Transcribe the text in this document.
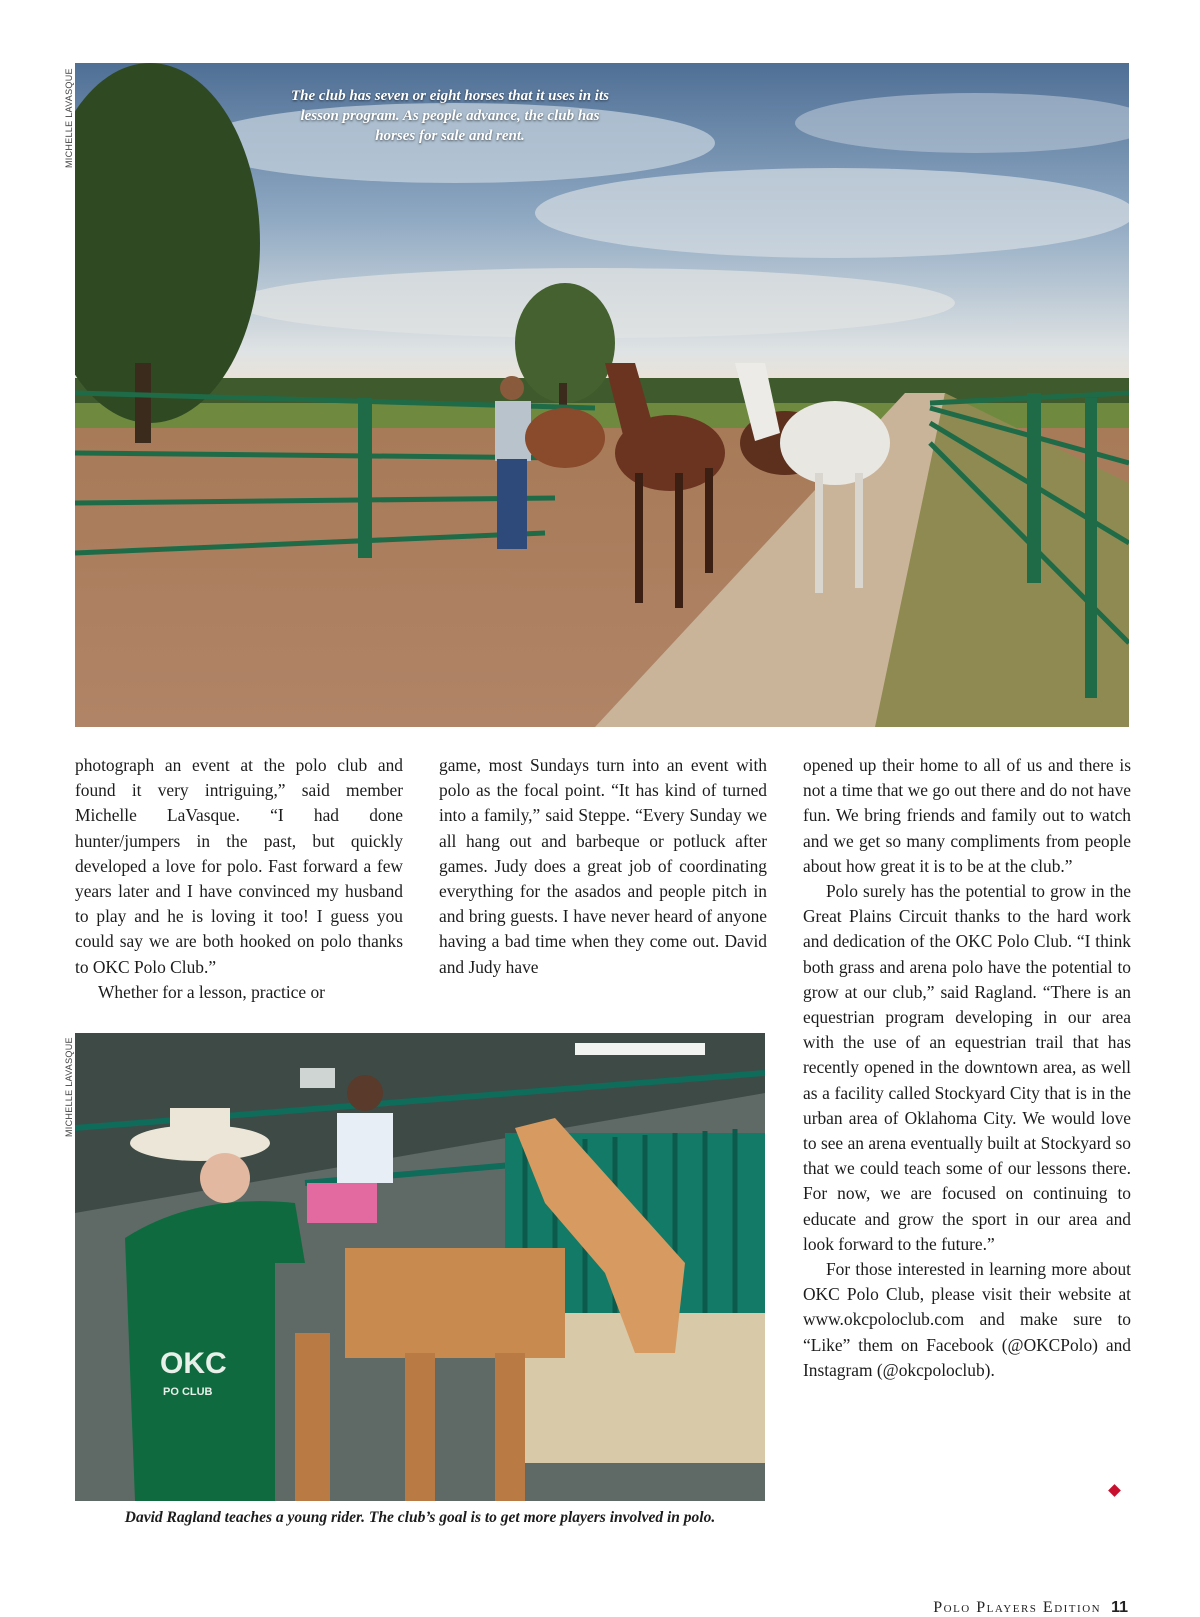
MICHELLE LAVASQUE	The club has seven or eight horses that it uses in its lesson program. As people advance, the club has horses for sale and rent.

photograph an event at the polo club and found it very intriguing,” said member Michelle LaVasque. “I had done hunter/jumpers in the past, but quickly developed a love for polo. Fast forward a few years later and I have convinced my husband to play and he is loving it too! I guess you could say we are both hooked on polo thanks to OKC Polo Club.”

Whether for a lesson, practice or

game, most Sundays turn into an event with polo as the focal point. “It has kind of turned into a family,” said Steppe. “Every Sunday we all hang out and barbeque or potluck after games. Judy does a great job of coordinating everything for the asados and people pitch in and bring guests. I have never heard of anyone having a bad time when they come out. David and Judy have

opened up their home to all of us and there is not a time that we go out there and do not have fun. We bring friends and family out to watch and we get so many compliments from people about how great it is to be at the club.”

Polo surely has the potential to grow in the Great Plains Circuit thanks to the hard work and dedication of the OKC Polo Club. “I think both grass and arena polo have the potential to grow at our club,” said Ragland. “There is an equestrian program developing in our area with the use of an equestrian trail that has recently opened in the downtown area, as well as a facility called Stockyard City that is in the urban area of Oklahoma City. We would love to see an arena eventually built at Stockyard so that we could teach some of our lessons there. For now, we are focused on continuing to educate and grow the sport in our area and look forward to the future.”

For those interested in learning more about OKC Polo Club, please visit their website at www.okcpoloclub.com and make sure to “Like” them on Facebook (@OKCPolo) and Instagram (@okcpoloclub).

OKC
PO CLUB
MICHELLE LAVASQUE
David Ragland teaches a young rider. The club’s goal is to get more players involved in polo.
Polo Players Edition 11
